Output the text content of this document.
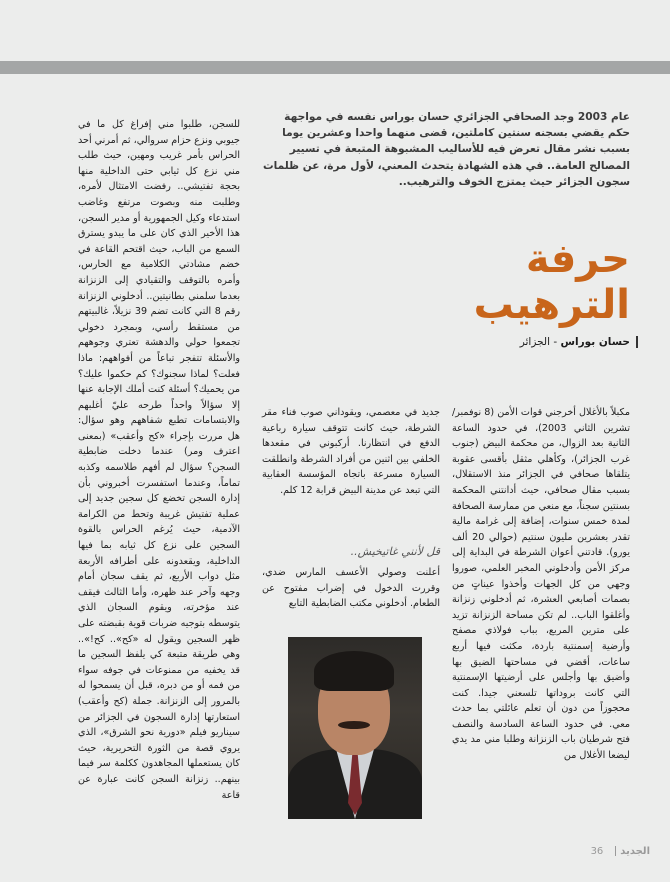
عام 2003 وجد الصحافي الجزائري حسان بوراس نفسه في مواجهة حكم يقضي بسجنه سنتين كاملتين، قضى منهما واحدا وعشرين يوما بسبب نشر مقال تعرض فيه للأساليب المشبوهة المتبعة في تسيير المصالح العامة.. في هذه الشهادة يتحدث المعني، لأول مرة، عن ظلمات سجون الجزائر حيث يمتزج الخوف والترهيب..
حرفة الترهيب
حسان بوراس - الجزائر

للسجن، طلبوا مني إفراغ كل ما في جيوبي ونزع حزام سروالي، ثم أمرني أحد الحراس بأمر غريب ومهين، حيث طلب مني نزع كل ثيابي حتى الداخلية منها بحجة تفتيشي.. رفضت الامتثال لأمره، وطلبت منه وبصوت مرتفع وغاضب استدعاء وكيل الجمهورية أو مدير السجن، هذا الأخير الذي كان على ما يبدو يسترق السمع من الباب، حيث اقتحم القاعة في خضم مشادتي الكلامية مع الحارس، وأمره بالتوقف والتقيادي إلى الزنزانة بعدما سلمني بطانيتين.. أدخلوني الزنزانة رقم 8 التي كانت تضم 39 نزيلاً، غالبيتهم من مستقط رأسي، وبمجرد دخولي تجمعوا حولي والدهشة تعتري وجوههم والأسئلة تتفجر تباعاً من أفواههم: ماذا فعلت؟ لماذا سجنوك؟ كم حكموا عليك؟ من يحميك؟ أسئلة كنت أملك الإجابة عنها إلا سؤالاً واحداً طرحه عليّ أغلبهم والابتسامات تطبع شفاههم وهو سؤال: هل مررت بإجراء «كح وأعقب» (بمعنى اعترف ومر) عندما دخلت ضابطية السجن؟ سؤال لم أفهم طلاسمه وكذبه تماماً، وعندما استفسرت أخبروني بأن إدارة السجن تخضع كل سجين جديد إلى عملية تفتيش غريبة وتحط من الكرامة الآدمية، حيث يُرغم الحراس بالقوة السجين على نزع كل ثيابه بما فيها الداخلية، ويقعدونه على أطرافه الأربعة مثل دواب الأربع، ثم يقف سجان أمام وجهه وآخر عند ظهره، وأما الثالث فيقف عند مؤخرته، ويقوم السجان الذي يتوسطه بتوجيه ضربات قوية بقبضته على ظهر السجين ويقول له «كح».. كح!».. وهي طريقة متبعة كي يلفظ السجين ما قد يخفيه من ممنوعات في جوفه سواء من فمه أو من دبره، قبل أن يسمحوا له بالمرور إلى الزنزانة. جملة (كح وأعقب) استعارتها إدارة السجون في الجزائر من سيناريو فيلم «دورية نحو الشرق»، الذي يروي قصة من الثورة التحريرية، حيث كان يستعملها المجاهدون ككلمة سر فيما بينهم.. زنزانة السجن كانت عبارة عن قاعة

مكبلاً بالأغلال أخرجني قوات الأمن (8 نوفمبر/تشرين الثاني 2003)، في حدود الساعة الثانية بعد الزوال، من محكمة البيض (جنوب غرب الجزائر)، وكأهلي مثقل بأقسى عقوبة يتلقاها صحافي في الجزائر منذ الاستقلال، بسبب مقال صحافي، حيث أدانتني المحكمة بسنتين سجناً، مع منعي من ممارسة الصحافة لمدة خمس سنوات، إضافة إلى غرامة مالية تقدر بعشرين مليون سنتيم (حوالي 20 ألف يورو). قادتني أعوان الشرطة في البداية إلى مركز الأمن وأدخلوني المخبر العلمي، صوروا وجهي من كل الجهات وأخذوا عيناتٍ من بصمات أصابعي العشرة، ثم أدخلوني زنزانة وأغلقوا الباب.. لم تكن مساحة الزنزانة تزيد على مترين المربع، بباب فولاذي مصفح وأرضية إسمنتية باردة، مكثت فيها أربع ساعات، أقضي في مساحتها الضيق بها وأضيق بها وأجلس على أرضيتها الإسمنتية التي كانت بروداتها تلسعني جيدا. كنت محجوزاً من دون أن تعلم عائلتي بما حدث معي. في حدود الساعة السادسة والنصف فتح شرطيان باب الزنزانة وطلبا مني مد يدي ليضعا الأغلال من

جديد في معصمي، ويقوداني صوب فناء مقر الشرطة، حيث كانت تتوقف سيارة رباعية الدفع في انتظارنا. أركبوني في مقعدها الخلفي بين اثنين من أفراد الشرطة وانطلقت السيارة مسرعة باتجاه المؤسسة العقابية التي تبعد عن مدينة البيض قرابة 12 كلم.

قل لأنني غاتيخيش..

أعلنت وصولي الأعسف المارس ضدي، وقررت الدخول في إضراب مفتوح عن الطعام. أدخلوني مكتب الضابطية التابع

الجديد36
